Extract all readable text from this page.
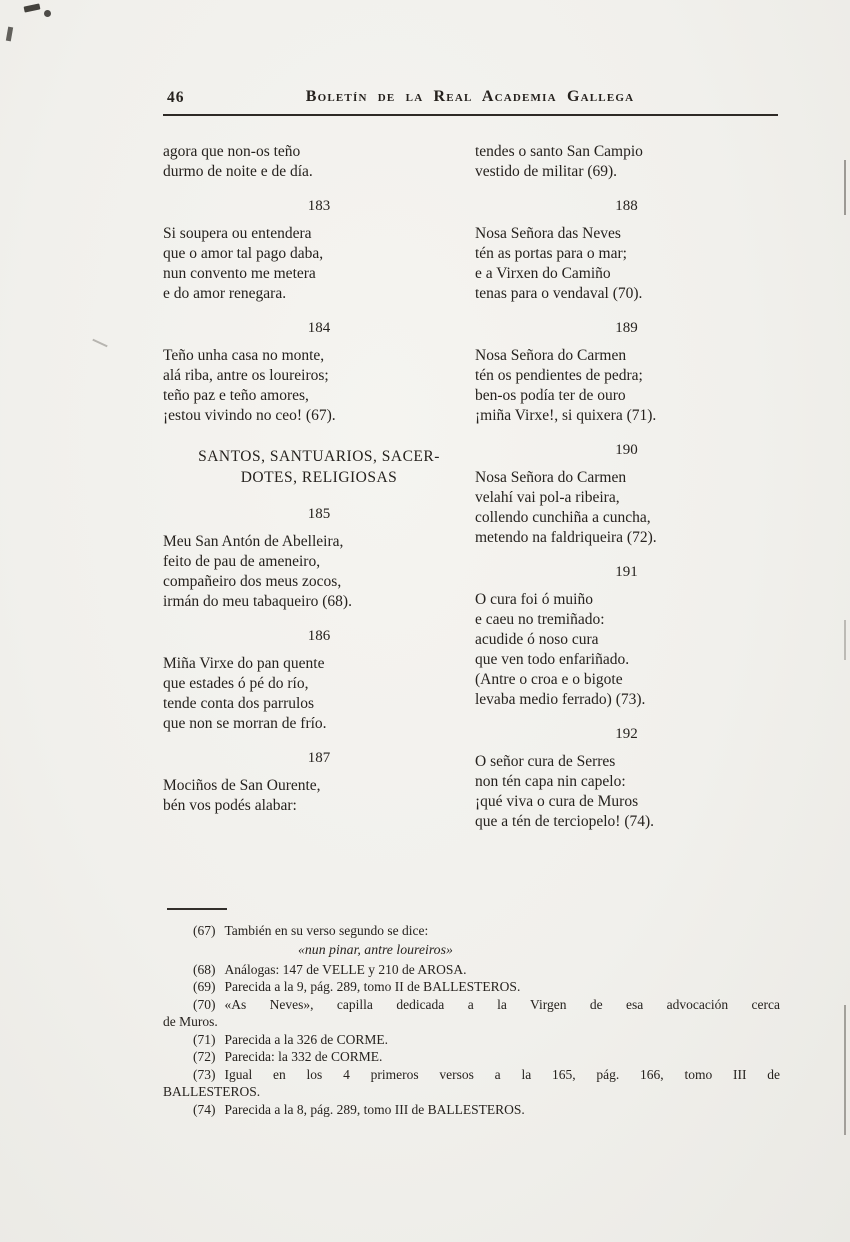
46	Boletín de la Real Academia Gallega
agora que non-os teño
durmo de noite e de día.
183
Si soupera ou entendera
que o amor tal pago daba,
nun convento me metera
e do amor renegara.
184
Teño unha casa no monte,
alá riba, antre os loureiros;
teño paz e teño amores,
¡estou vivindo no ceo! (67).
SANTOS, SANTUARIOS, SACER-
DOTES, RELIGIOSAS
185
Meu San Antón de Abelleira,
feito de pau de ameneiro,
compañeiro dos meus zocos,
irmán do meu tabaqueiro (68).
186
Miña Virxe do pan quente
que estades ó pé do río,
tende conta dos parrulos
que non se morran de frío.
187
Mociños de San Ourente,
bén vos podés alabar:
tendes o santo San Campio
vestido de militar (69).
188
Nosa Señora das Neves
tén as portas para o mar;
e a Virxen do Camiño
tenas para o vendaval (70).
189
Nosa Señora do Carmen
tén os pendientes de pedra;
ben-os podía ter de ouro
¡miña Virxe!, si quixera (71).
190
Nosa Señora do Carmen
velahí vai pol-a ribeira,
collendo cunchiña a cuncha,
metendo na faldriqueira (72).
191
O cura foi ó muiño
e caeu no tremiñado:
acudide ó noso cura
que ven todo enfariñado.
(Antre o croa e o bigote
levaba medio ferrado) (73).
192
O señor cura de Serres
non tén capa nin capelo:
¡qué viva o cura de Muros
que a tén de terciopelo! (74).
(67) También en su verso segundo se dice:
«nun pinar, antre loureiros»
(68) Análogas: 147 de VELLE y 210 de AROSA.
(69) Parecida a la 9, pág. 289, tomo II de BALLESTEROS.
(70) «As Neves», capilla dedicada a la Virgen de esa advocación cerca
de Muros.
(71) Parecida a la 326 de CORME.
(72) Parecida: la 332 de CORME.
(73) Igual en los 4 primeros versos a la 165, pág. 166, tomo III de
BALLESTEROS.
(74) Parecida a la 8, pág. 289, tomo III de BALLESTEROS.
